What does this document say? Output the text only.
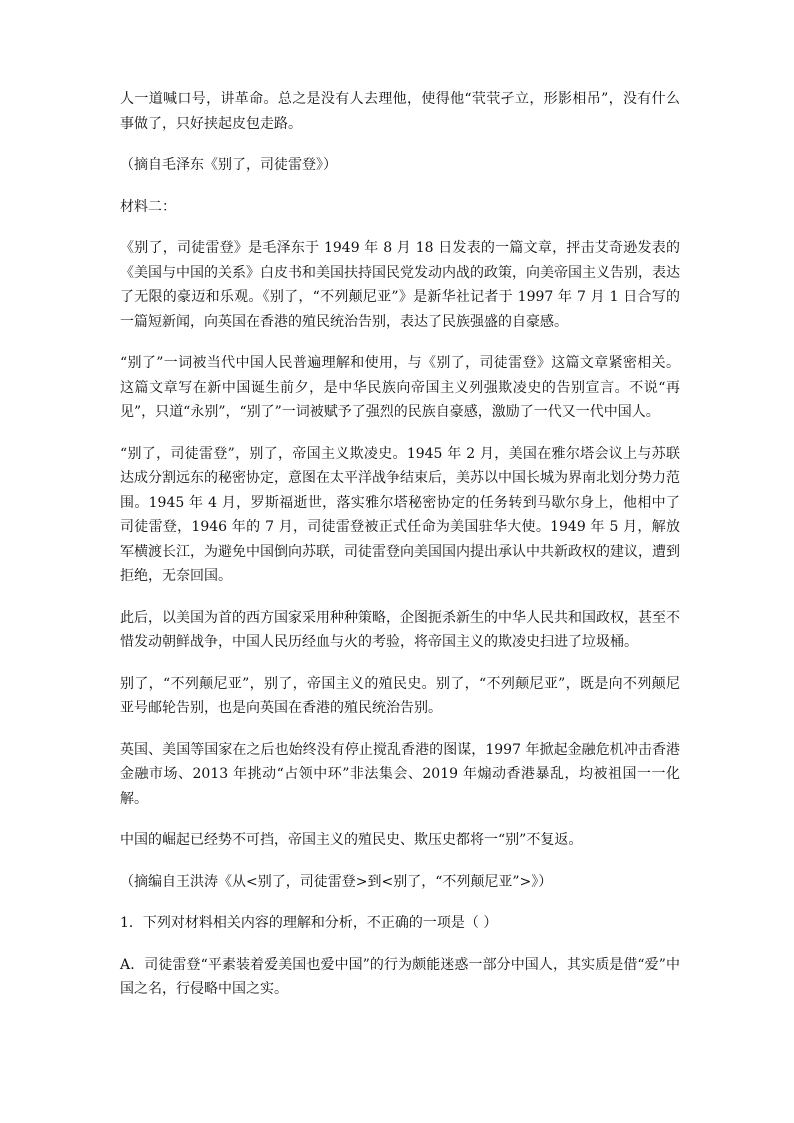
人一道喊口号，讲革命。总之是没有人去理他，使得他“茕茕孑立，形影相吊”，没有什么事做了，只好挟起皮包走路。

（摘自毛泽东《别了，司徒雷登》）

材料二：

《别了，司徒雷登》是毛泽东于 1949 年 8 月 18 日发表的一篇文章，抨击艾奇逊发表的《美国与中国的关系》白皮书和美国扶持国民党发动内战的政策，向美帝国主义告别，表达了无限的豪迈和乐观。《别了，“不列颠尼亚”》是新华社记者于 1997 年 7 月 1 日合写的一篇短新闻，向英国在香港的殖民统治告别，表达了民族强盛的自豪感。

“别了”一词被当代中国人民普遍理解和使用，与《别了，司徒雷登》这篇文章紧密相关。这篇文章写在新中国诞生前夕，是中华民族向帝国主义列强欺凌史的告别宣言。不说“再见”，只道“永别”，“别了”一词被赋予了强烈的民族自豪感，激励了一代又一代中国人。

“别了，司徒雷登”，别了，帝国主义欺凌史。1945 年 2 月，美国在雅尔塔会议上与苏联达成分割远东的秘密协定，意图在太平洋战争结束后，美苏以中国长城为界南北划分势力范围。1945 年 4 月，罗斯福逝世，落实雅尔塔秘密协定的任务转到马歇尔身上，他相中了司徒雷登，1946 年的 7 月，司徒雷登被正式任命为美国驻华大使。1949 年 5 月，解放军横渡长江，为避免中国倒向苏联，司徒雷登向美国国内提出承认中共新政权的建议，遭到拒绝，无奈回国。

此后，以美国为首的西方国家采用种种策略，企图扼杀新生的中华人民共和国政权，甚至不惜发动朝鲜战争，中国人民历经血与火的考验，将帝国主义的欺凌史扫进了垃圾桶。

别了，“不列颠尼亚”，别了，帝国主义的殖民史。别了，“不列颠尼亚”，既是向不列颠尼亚号邮轮告别，也是向英国在香港的殖民统治告别。

英国、美国等国家在之后也始终没有停止搅乱香港的图谋，1997 年掀起金融危机冲击香港金融市场、2013 年挑动“占领中环”非法集会、2019 年煽动香港暴乱，均被祖国一一化解。

中国的崛起已经势不可挡，帝国主义的殖民史、欺压史都将一“别”不复返。

（摘编自王洪涛《从<别了，司徒雷登>到<别了，“不列颠尼亚”>》）

1．下列对材料相关内容的理解和分析，不正确的一项是（ ）

A．司徒雷登“平素装着爱美国也爱中国”的行为颇能迷惑一部分中国人，其实质是借“爱”中国之名，行侵略中国之实。
